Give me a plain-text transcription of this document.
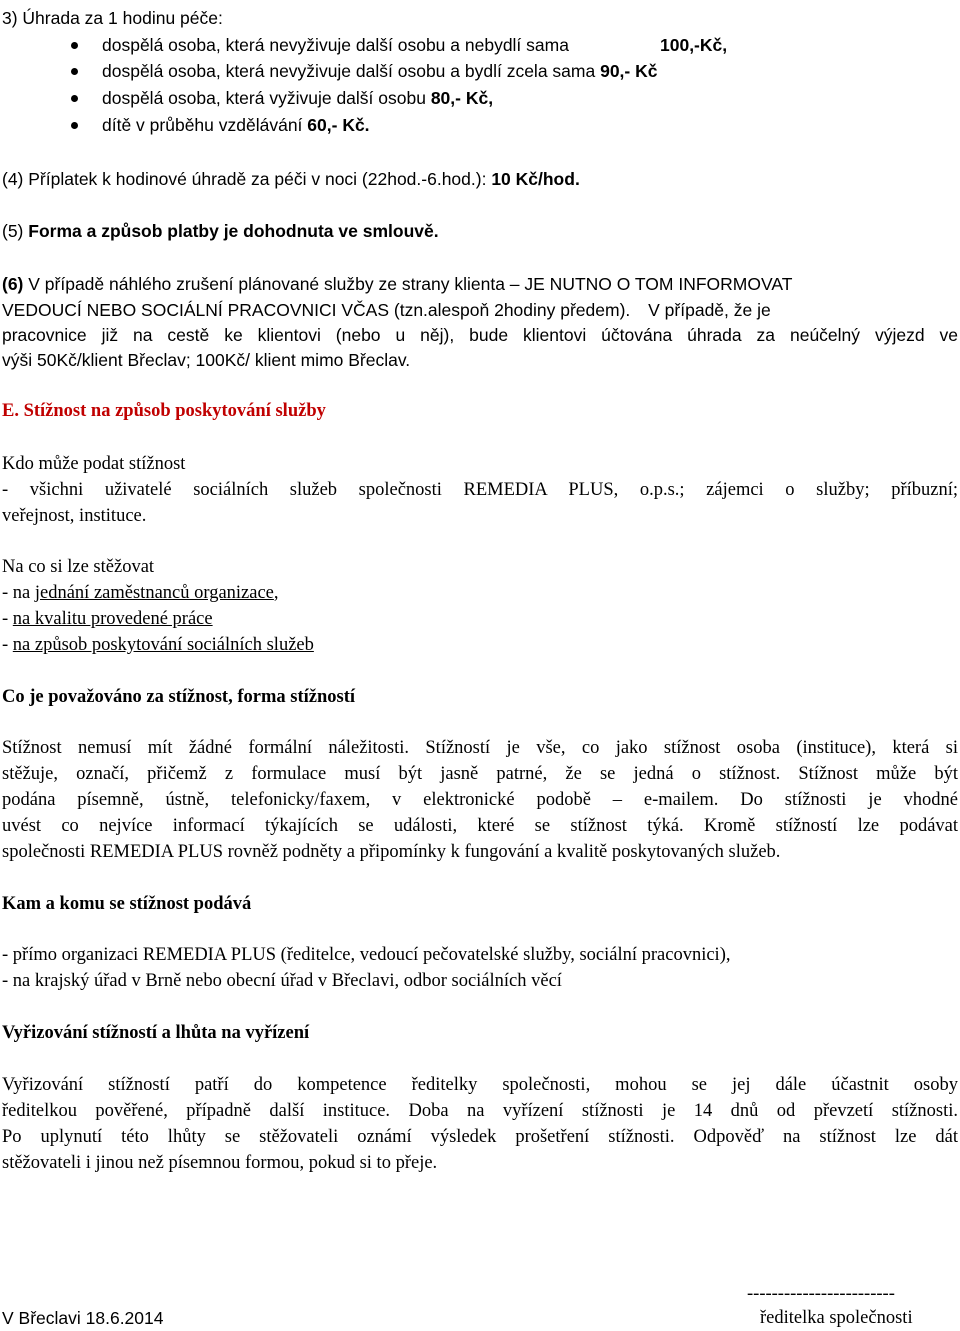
3) Úhrada za 1 hodinu péče:
dospělá osoba, která nevyživuje další osobu a nebydlí sama	100,-Kč,
dospělá osoba, která nevyživuje další osobu a bydlí zcela sama 90,- Kč
dospělá osoba, která vyživuje další osobu 80,- Kč,
dítě v průběhu vzdělávání 60,- Kč.
(4) Příplatek k hodinové úhradě za péči v noci (22hod.-6.hod.): 10 Kč/hod.
(5) Forma a způsob platby je dohodnuta ve smlouvě.
(6) V případě náhlého zrušení plánované služby ze strany klienta – JE NUTNO O TOM INFORMOVAT
VEDOUCÍ NEBO SOCIÁLNÍ PRACOVNICI VČAS (tzn.alespoň 2hodiny předem). V případě, že je
pracovnice již na cestě ke klientovi (nebo u něj), bude klientovi účtována úhrada za neúčelný výjezd ve
výši 50Kč/klient Břeclav; 100Kč/ klient mimo Břeclav.
E. Stížnost na způsob poskytování služby
Kdo může podat stížnost
- všichni uživatelé sociálních služeb společnosti REMEDIA PLUS, o.p.s.; zájemci o služby; příbuzní;
veřejnost, instituce.
Na co si lze stěžovat
- na jednání zaměstnanců organizace,
- na kvalitu provedené práce
- na způsob poskytování sociálních služeb
Co je považováno za stížnost, forma stížností
Stížnost nemusí mít žádné formální náležitosti. Stížností je vše, co jako stížnost osoba (instituce), která si
stěžuje, označí, přičemž z formulace musí být jasně patrné, že se jedná o stížnost. Stížnost může být
podána písemně, ústně, telefonicky/faxem, v elektronické podobě – e-mailem. Do stížnosti je vhodné
uvést co nejvíce informací týkajících se události, které se stížnost týká. Kromě stížností lze podávat
společnosti REMEDIA PLUS rovněž podněty a připomínky k fungování a kvalitě poskytovaných služeb.
Kam a komu se stížnost podává
- přímo organizaci REMEDIA PLUS (ředitelce, vedoucí pečovatelské služby, sociální pracovnici),
- na krajský úřad v Brně nebo obecní úřad v Břeclavi, odbor sociálních věcí
Vyřizování stížností a lhůta na vyřízení
Vyřizování stížností patří do kompetence ředitelky společnosti, mohou se jej dále účastnit osoby
ředitelkou pověřené, případně další instituce. Doba na vyřízení stížnosti je 14 dnů od převzetí stížnosti.
Po uplynutí této lhůty se stěžovateli oznámí výsledek prošetření stížnosti. Odpověď na stížnost lze dát
stěžovateli i jinou než písemnou formou, pokud si to přeje.
V Břeclavi 18.6.2014
------------------------
ředitelka společnosti
